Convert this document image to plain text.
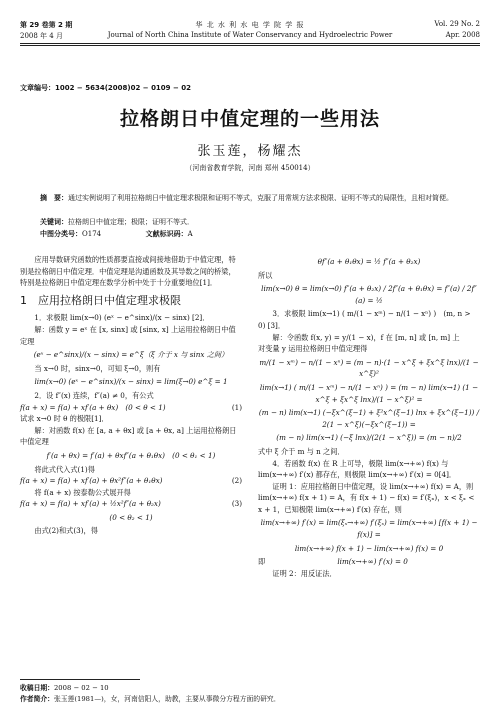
第 29 卷第 2 期	华 北 水 利 水 电 学 院 学 报	Vol. 29 No. 2
2008 年 4 月	Journal of North China Institute of Water Conservancy and Hydroelectric Power	Apr. 2008
文章编号：1002 − 5634(2008)02 − 0109 − 02
拉格朗日中值定理的一些用法
张玉莲，杨耀杰
（河南省教育学院，河南 郑州 450014）
摘　要：通过实例说明了利用拉格朗日中值定理求极限和证明不等式，克服了用常规方法求极限、证明不等式的局限性，且相对简便。
关键词：拉格朗日中值定理；极限；证明不等式．
中图分类号：O174	文献标识码：A

应用导数研究函数的性质都要直接或间接地借助于中值定理，特别是拉格朗日中值定理．中值定理是沟通函数及其导数之间的桥梁，特别是拉格朗日中值定理在数学分析中处于十分重要地位[1]．

1　应用拉格朗日中值定理求极限

1．求极限 lim(x→0) (eˣ − e^sinx)/(x − sinx) [2]．

解：函数 y = eˣ 在 [x, sinx] 或 [sinx, x] 上运用拉格朗日中值定理

(eˣ − e^sinx)/(x − sinx) = e^ξ（ξ 介于 x 与 sinx 之间）

当 x→0 时，sinx→0，可知 ξ→0，则有

lim(x→0) (eˣ − e^sinx)/(x − sinx) = lim(ξ→0) e^ξ = 1

2．设 f″(x) 连续，f″(a) ≠ 0，有公式

f(a + x) = f(a) + xf′(a + θx)　(0 < θ < 1)	(1)

试求 x→0 时 θ 的极限[1]．

解：对函数 f(x) 在 [a, a + θx] 或 [a + θx, a] 上运用拉格朗日中值定理

f′(a + θx) = f′(a) + θxf″(a + θ₁θx)　(0 < θ₁ < 1)

将此式代入式(1)得

f(a + x) = f(a) + xf′(a) + θx²f″(a + θ₁θx)	(2)

将 f(a + x) 按泰勒公式展开得

f(a + x) = f(a) + xf′(a) + ½x²f″(a + θ₂x)	(3)

(0 < θ₂ < 1)

由式(2)和式(3)，得

θf″(a + θ₁θx) = ½ f″(a + θ₂x)

所以

lim(x→0) θ = lim(x→0) f″(a + θ₂x) / 2f″(a + θ₁θx) = f″(a) / 2f″(a) = ½

3．求极限 lim(x→1) ( m/(1 − xᵐ) − n/(1 − xⁿ) )　(m, n > 0) [3]．

解：令函数 f(x, y) = y/(1 − x)，f 在 [m, n] 或 [n, m] 上

对变量 y 运用拉格朗日中值定理得

m/(1 − xᵐ) − n/(1 − xⁿ) = (m − n)·(1 − x^ξ + ξx^ξ lnx)/(1 − x^ξ)²

lim(x→1) ( m/(1 − xᵐ) − n/(1 − xⁿ) ) = (m − n) lim(x→1) (1 − x^ξ + ξx^ξ lnx)/(1 − x^ξ)² =

(m − n) lim(x→1) (−ξx^(ξ−1) + ξ²x^(ξ−1) lnx + ξx^(ξ−1)) / 2(1 − x^ξ)(−ξx^(ξ−1)) =

(m − n) lim(x→1) (−ξ lnx)/(2(1 − x^ξ)) = (m − n)/2

式中 ξ 介于 m 与 n 之间．

4．若函数 f(x) 在 R 上可导，极限 lim(x→+∞) f(x) 与 lim(x→+∞) f′(x) 都存在，则极限 lim(x→+∞) f′(x) = 0[4]．

证明 1：应用拉格朗日中值定理，设 lim(x→+∞) f(x) = A，则 lim(x→+∞) f(x + 1) = A，有 f(x + 1) − f(x) = f′(ξₓ)，x < ξₓ < x + 1，已知极限 lim(x→+∞) f′(x) 存在，则

lim(x→+∞) f′(x) = lim(ξₓ→+∞) f′(ξₓ) = lim(x→+∞) [f(x + 1) − f(x)] =

lim(x→+∞) f(x + 1) − lim(x→+∞) f(x) = 0

即	lim(x→+∞) f′(x) = 0

证明 2：用反证法．

收稿日期：2008 − 02 − 10
作者简介：张玉莲(1981—)，女，河南信阳人，助教，主要从事微分方程方面的研究．
